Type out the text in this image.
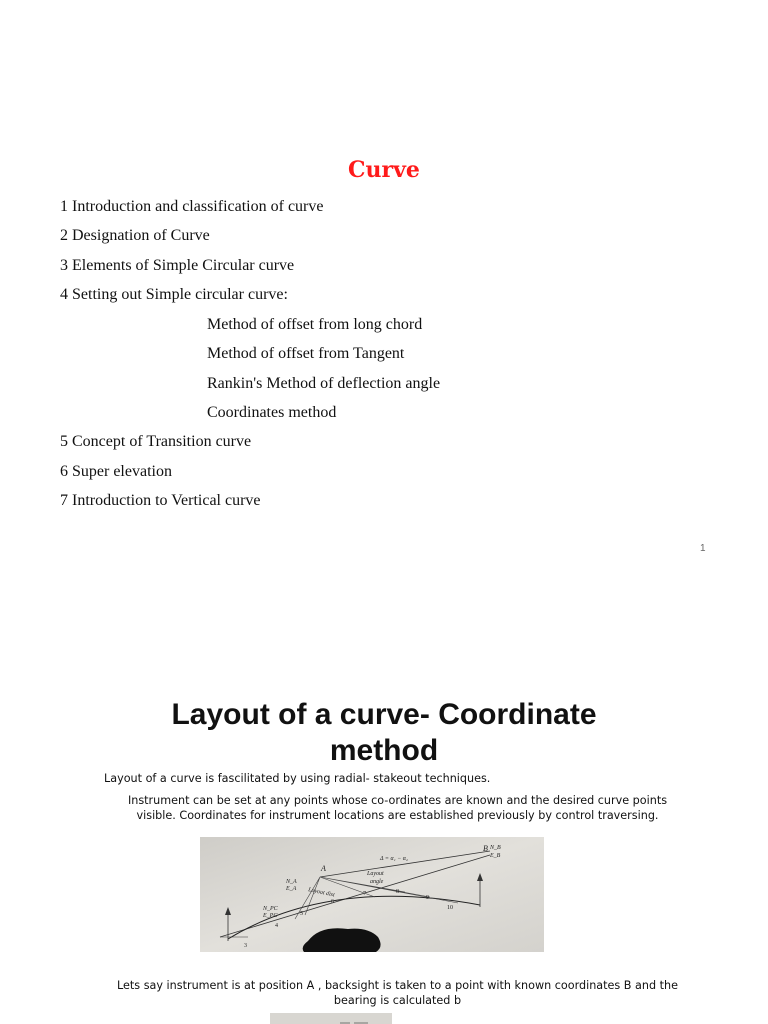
Curve
1 Introduction and classification of curve
2 Designation of Curve
3 Elements of Simple Circular curve
4 Setting out Simple circular curve:
Method of offset from long chord
Method of offset from Tangent
Rankin's Method of deflection angle
Coordinates method
5 Concept of Transition curve
6 Super elevation
7 Introduction to Vertical curve
1
Layout of a curve- Coordinate
method
Layout of a curve is fascilitated by using radial- stakeout techniques.
Instrument can be set at any points whose co-ordinates are known and the desired curve points
visible. Coordinates for instrument locations are established previously by control traversing.
A
B N_B
E_B
Δ = α₁ − α₂
Layout
angle
Layout dist
N_A
E_A
N_PC
E_PC
3
4
5
6
7	8
9
10
Lets say instrument is at position A , backsight is taken to a point with known coordinates B and the
bearing is calculated b
